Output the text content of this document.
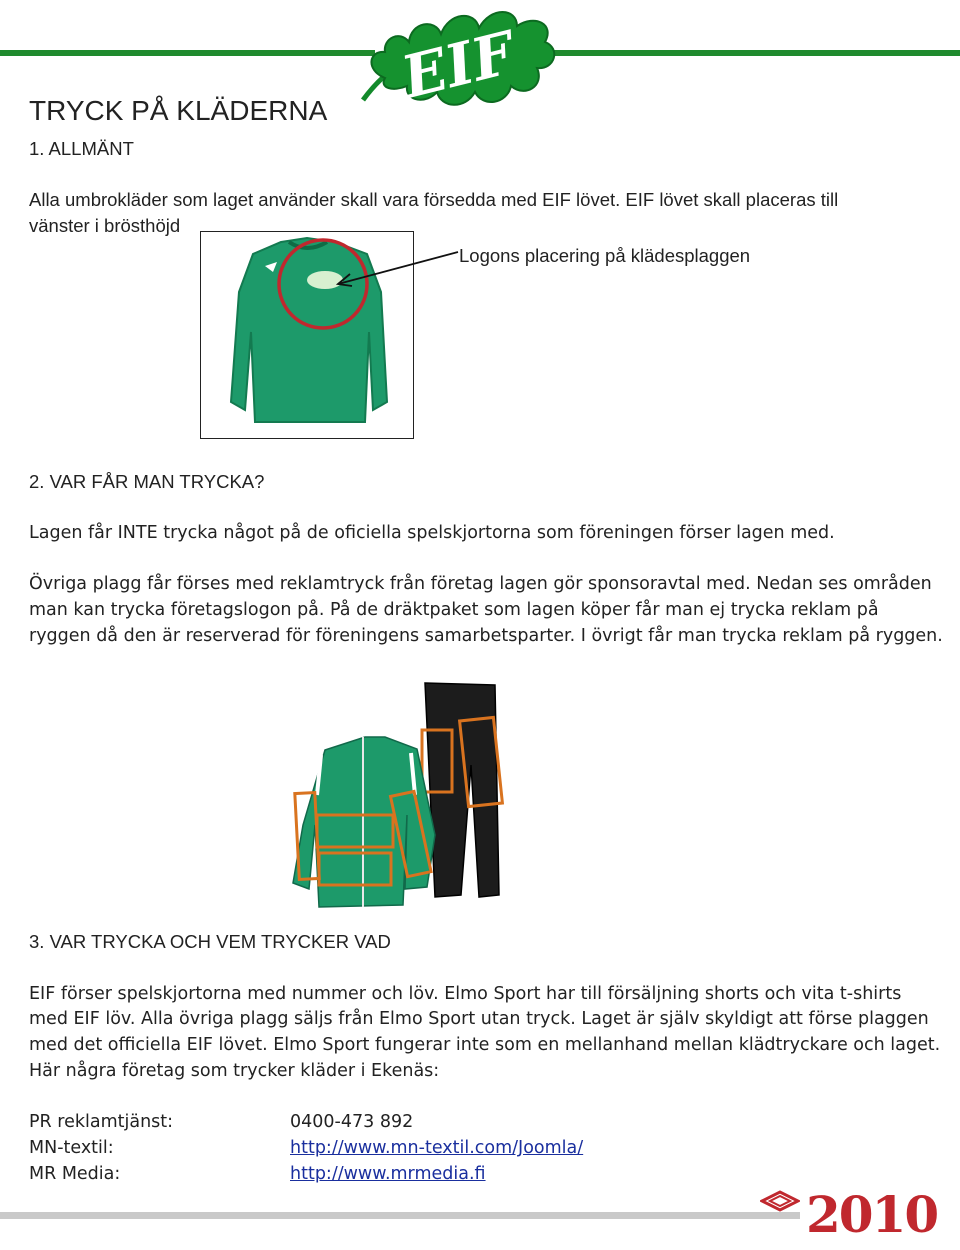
EIF
TRYCK PÅ KLÄDERNA
1. ALLMÄNT
Alla umbrokläder som laget använder skall vara försedda med EIF lövet. EIF lövet skall placeras till
vänster i brösthöjd
Logons placering på klädesplaggen
2. VAR FÅR MAN TRYCKA?
Lagen får INTE trycka något på de oficiella spelskjortorna som föreningen förser lagen med.
Övriga plagg får förses med reklamtryck från företag lagen gör sponsoravtal med. Nedan ses områden
man kan trycka företagslogon på. På de dräktpaket som lagen köper får man ej trycka reklam på
ryggen då den är reserverad för föreningens samarbetsparter. I övrigt får man trycka reklam på ryggen.
3. VAR TRYCKA OCH VEM TRYCKER VAD
EIF förser spelskjortorna med nummer och löv. Elmo Sport har till försäljning shorts och vita t-shirts
med EIF löv. Alla övriga plagg säljs från Elmo Sport utan tryck. Laget är själv skyldigt att förse plaggen
med det officiella EIF lövet. Elmo Sport fungerar inte som en mellanhand mellan klädtryckare och laget.
Här några företag som trycker kläder i Ekenäs:
PR reklamtjänst:	0400-473 892
MN-textil:	http://www.mn-textil.com/Joomla/
MR Media:	http://www.mrmedia.fi
2010
